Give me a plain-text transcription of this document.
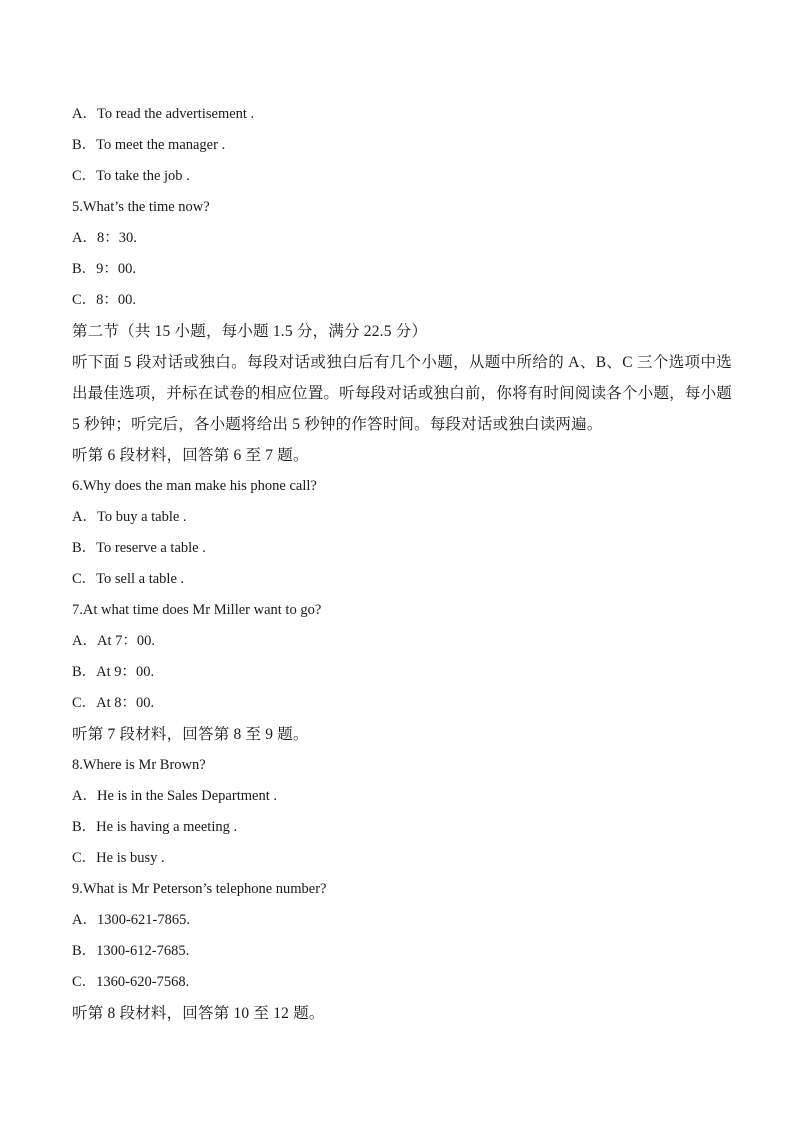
A．To read the advertisement .

B．To meet the manager .

C．To take the job .

5.What’s the time now?

A．8：30.

B．9：00.

C．8：00.

第二节（共 15 小题，每小题 1.5 分，满分 22.5 分）

听下面 5 段对话或独白。每段对话或独白后有几个小题，从题中所给的 A、B、C 三个选项中选出最佳选项，并标在试卷的相应位置。听每段对话或独白前，你将有时间阅读各个小题，每小题 5 秒钟；听完后，各小题将给出 5 秒钟的作答时间。每段对话或独白读两遍。

听第 6 段材料，回答第 6 至 7 题。

6.Why does the man make his phone call?

A．To buy a table .

B．To reserve a table .

C．To sell a table .

7.At what time does Mr Miller want to go?

A．At 7：00.

B．At 9：00.

C．At 8：00.

听第 7 段材料，回答第 8 至 9 题。

8.Where is Mr Brown?

A．He is in the Sales Department .

B．He is having a meeting .

C．He is busy .

9.What is Mr Peterson’s telephone number?

A．1300-621-7865.

B．1300-612-7685.

C．1360-620-7568.

听第 8 段材料，回答第 10 至 12 题。
